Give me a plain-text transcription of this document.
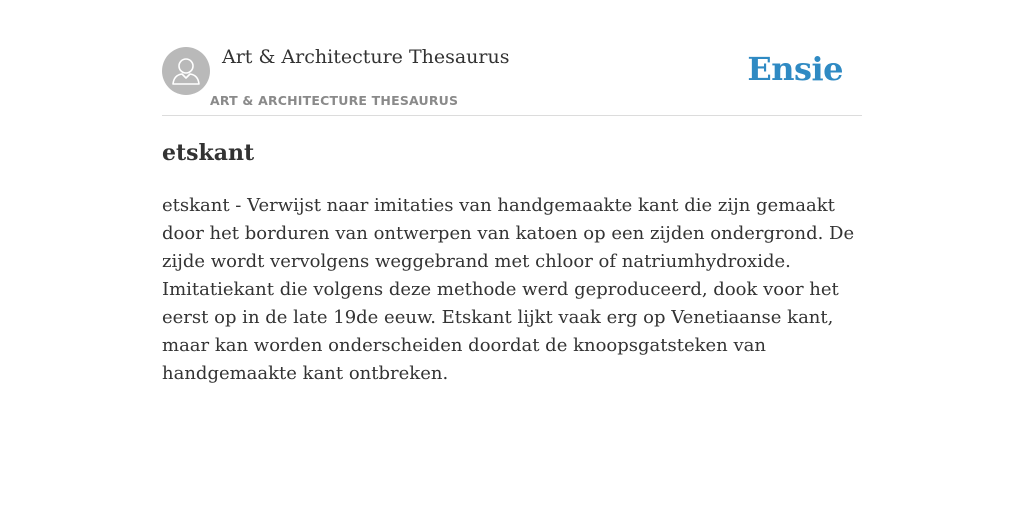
Art & Architecture Thesaurus
ART & ARCHITECTURE THESAURUS
Ensie
etskant

etskant - Verwijst naar imitaties van handgemaakte kant die zijn gemaakt door het borduren van ontwerpen van katoen op een zijden ondergrond. De zijde wordt vervolgens weggebrand met chloor of natriumhydroxide. Imitatiekant die volgens deze methode werd geproduceerd, dook voor het eerst op in de late 19de eeuw. Etskant lijkt vaak erg op Venetiaanse kant, maar kan worden onderscheiden doordat de knoopsgatsteken van handgemaakte kant ontbreken.
